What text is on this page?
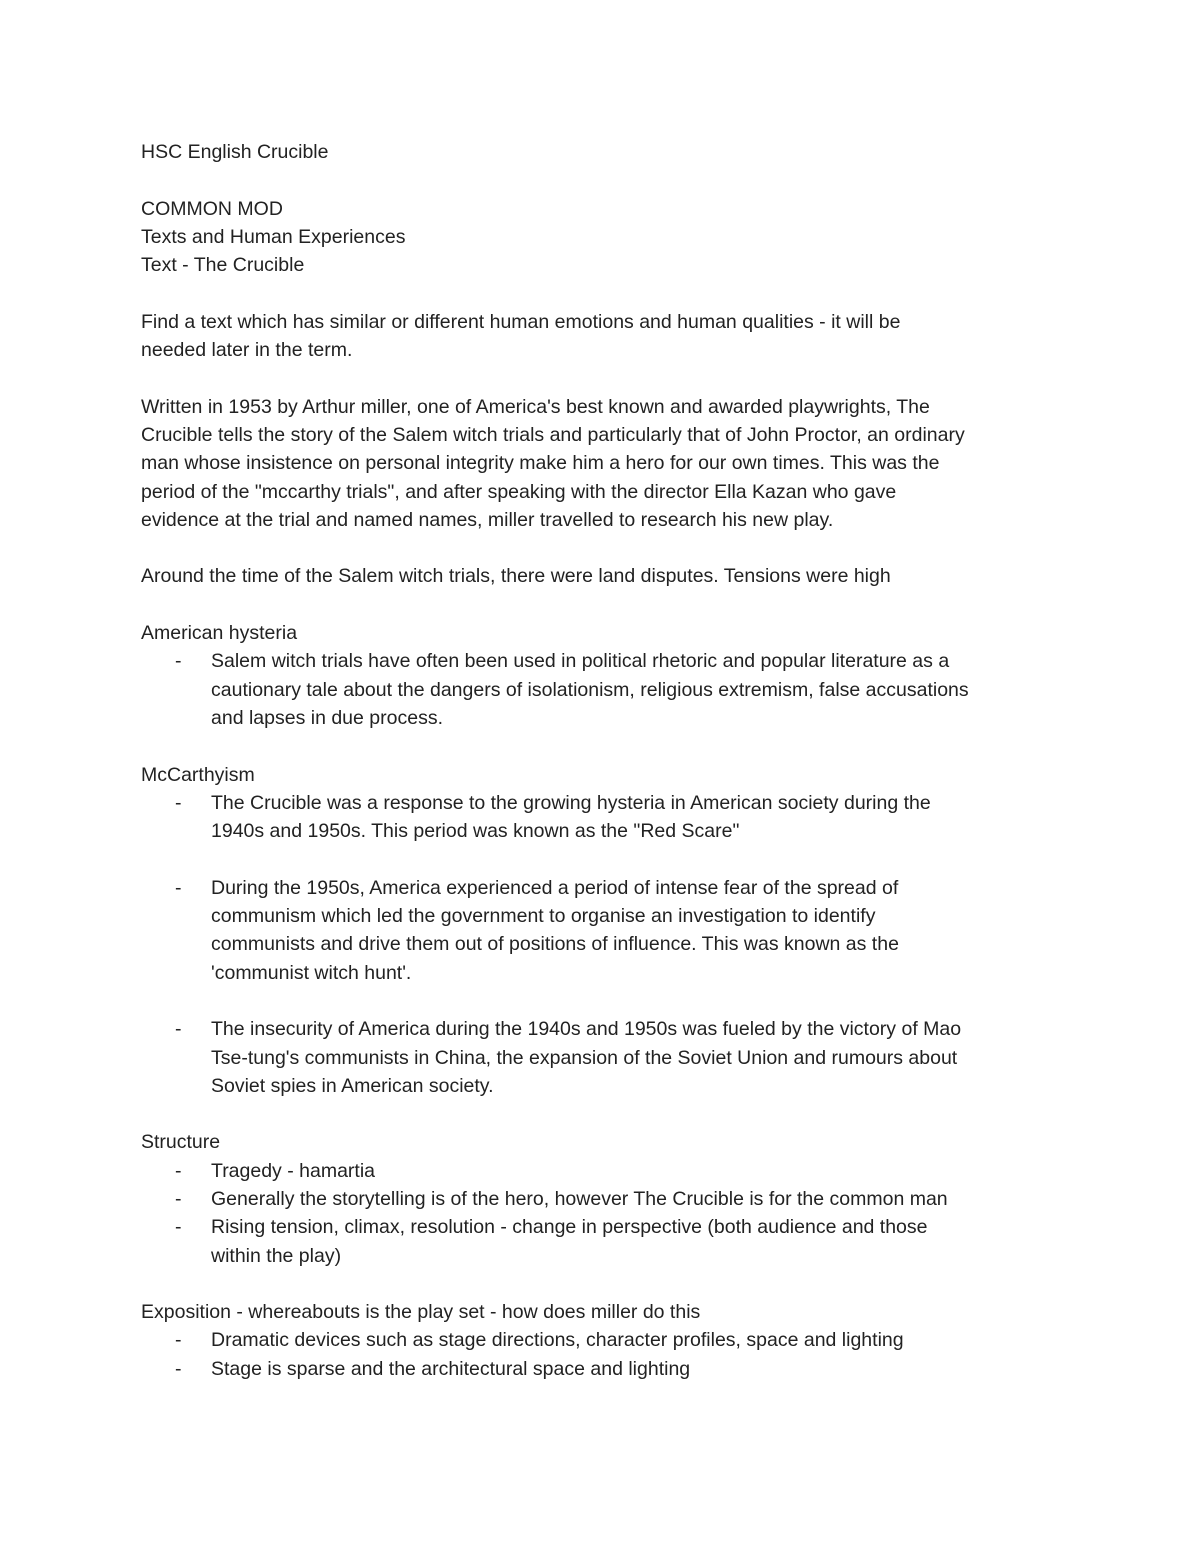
HSC English Crucible

COMMON MOD

Texts and Human Experiences

Text - The Crucible

Find a text which has similar or different human emotions and human qualities - it will be

needed later in the term.

Written in 1953 by Arthur miller, one of America's best known and awarded playwrights, The

Crucible tells the story of the Salem witch trials and particularly that of John Proctor, an ordinary

man whose insistence on personal integrity make him a hero for our own times. This was the

period of the "mccarthy trials", and after speaking with the director Ella Kazan who gave

evidence at the trial and named names, miller travelled to research his new play.

Around the time of the Salem witch trials, there were land disputes. Tensions were high

American hysteria

- Salem witch trials have often been used in political rhetoric and popular literature as a
cautionary tale about the dangers of isolationism, religious extremism, false accusations
and lapses in due process.

McCarthyism

- The Crucible was a response to the growing hysteria in American society during the
1940s and 1950s. This period was known as the "Red Scare"
- During the 1950s, America experienced a period of intense fear of the spread of
communism which led the government to organise an investigation to identify
communists and drive them out of positions of influence. This was known as the
'communist witch hunt'.
- The insecurity of America during the 1940s and 1950s was fueled by the victory of Mao
Tse-tung's communists in China, the expansion of the Soviet Union and rumours about
Soviet spies in American society.

Structure

- Tragedy - hamartia
- Generally the storytelling is of the hero, however The Crucible is for the common man
- Rising tension, climax, resolution - change in perspective (both audience and those
within the play)

Exposition - whereabouts is the play set - how does miller do this

- Dramatic devices such as stage directions, character profiles, space and lighting
- Stage is sparse and the architectural space and lighting
